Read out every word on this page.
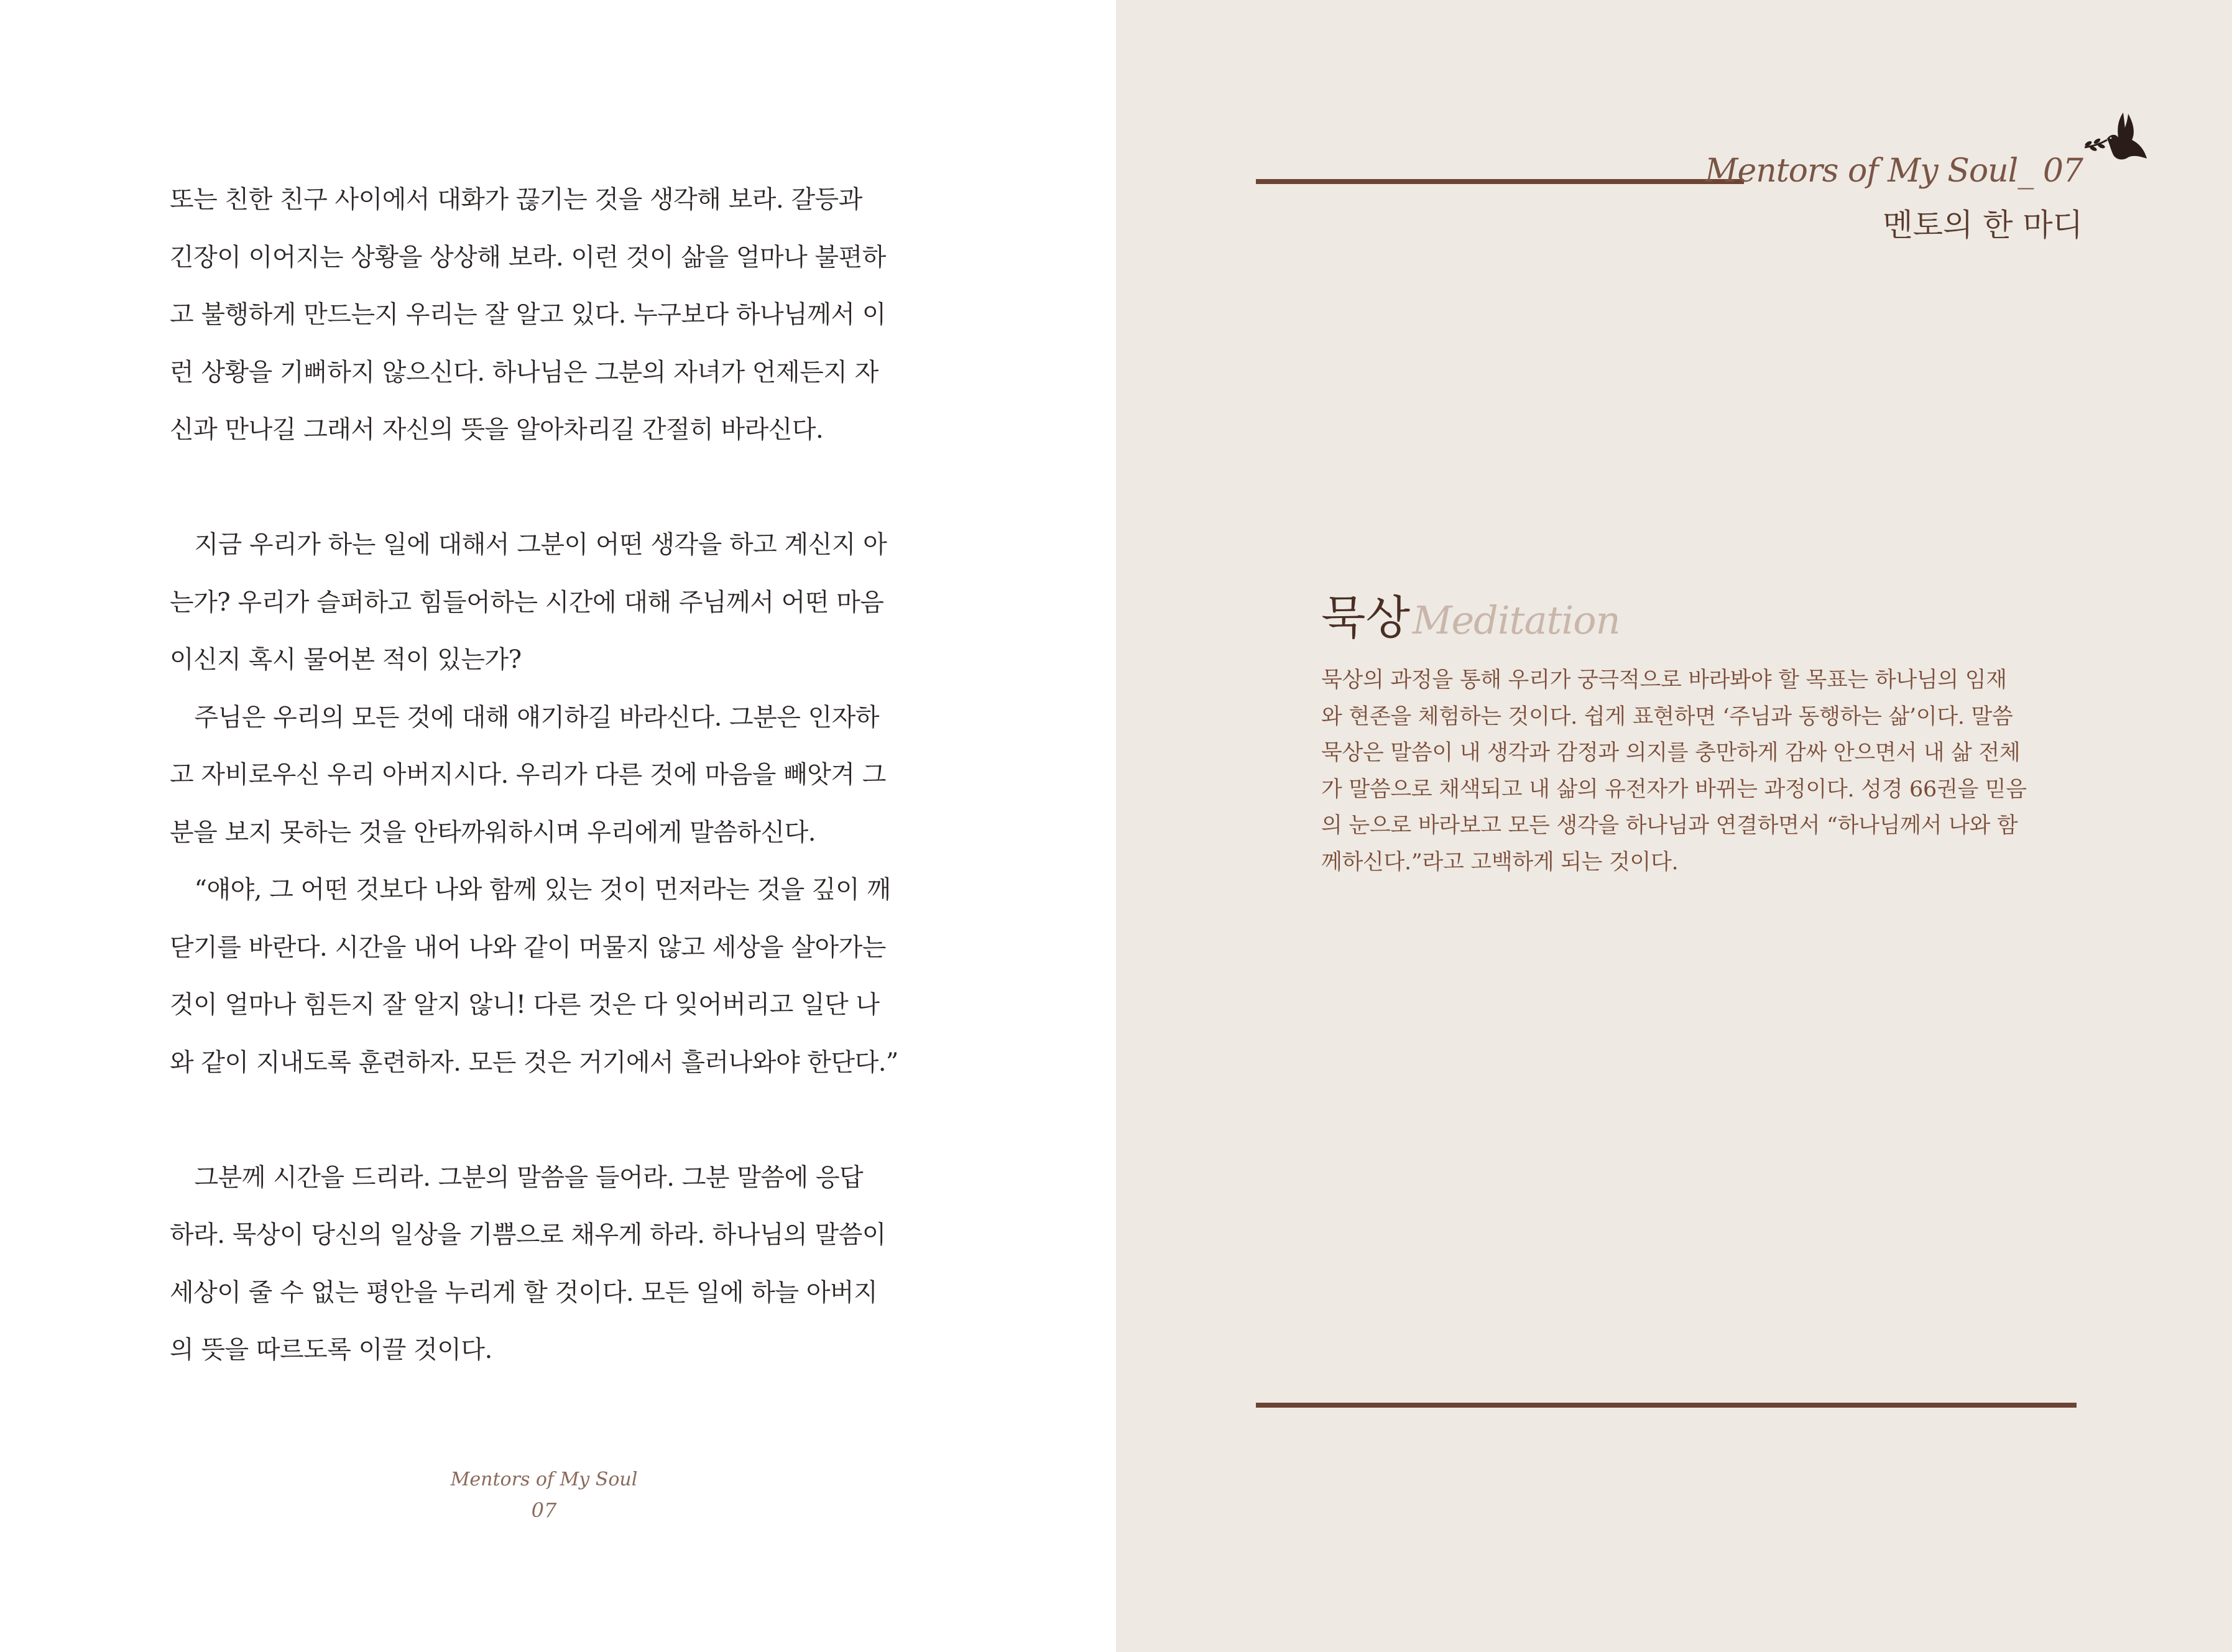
또는 친한 친구 사이에서 대화가 끊기는 것을 생각해 보라. 갈등과
긴장이 이어지는 상황을 상상해 보라. 이런 것이 삶을 얼마나 불편하
고 불행하게 만드는지 우리는 잘 알고 있다. 누구보다 하나님께서 이
런 상황을 기뻐하지 않으신다. 하나님은 그분의 자녀가 언제든지 자
신과 만나길 그래서 자신의 뜻을 알아차리길 간절히 바라신다.
　지금 우리가 하는 일에 대해서 그분이 어떤 생각을 하고 계신지 아
는가? 우리가 슬퍼하고 힘들어하는 시간에 대해 주님께서 어떤 마음
이신지 혹시 물어본 적이 있는가?
　주님은 우리의 모든 것에 대해 얘기하길 바라신다. 그분은 인자하
고 자비로우신 우리 아버지시다. 우리가 다른 것에 마음을 빼앗겨 그
분을 보지 못하는 것을 안타까워하시며 우리에게 말씀하신다.
　“얘야, 그 어떤 것보다 나와 함께 있는 것이 먼저라는 것을 깊이 깨
닫기를 바란다. 시간을 내어 나와 같이 머물지 않고 세상을 살아가는
것이 얼마나 힘든지 잘 알지 않니! 다른 것은 다 잊어버리고 일단 나
와 같이 지내도록 훈련하자. 모든 것은 거기에서 흘러나와야 한단다.”
　그분께 시간을 드리라. 그분의 말씀을 들어라. 그분 말씀에 응답
하라. 묵상이 당신의 일상을 기쁨으로 채우게 하라. 하나님의 말씀이
세상이 줄 수 없는 평안을 누리게 할 것이다. 모든 일에 하늘 아버지
의 뜻을 따르도록 이끌 것이다.
Mentors of My Soul
07
Mentors of My Soul_ 07
멘토의 한 마디
묵상Meditation
묵상의 과정을 통해 우리가 궁극적으로 바라봐야 할 목표는 하나님의 임재
와 현존을 체험하는 것이다. 쉽게 표현하면 ‘주님과 동행하는 삶’이다. 말씀
묵상은 말씀이 내 생각과 감정과 의지를 충만하게 감싸 안으면서 내 삶 전체
가 말씀으로 채색되고 내 삶의 유전자가 바뀌는 과정이다. 성경 66권을 믿음
의 눈으로 바라보고 모든 생각을 하나님과 연결하면서 “하나님께서 나와 함
께하신다.”라고 고백하게 되는 것이다.
